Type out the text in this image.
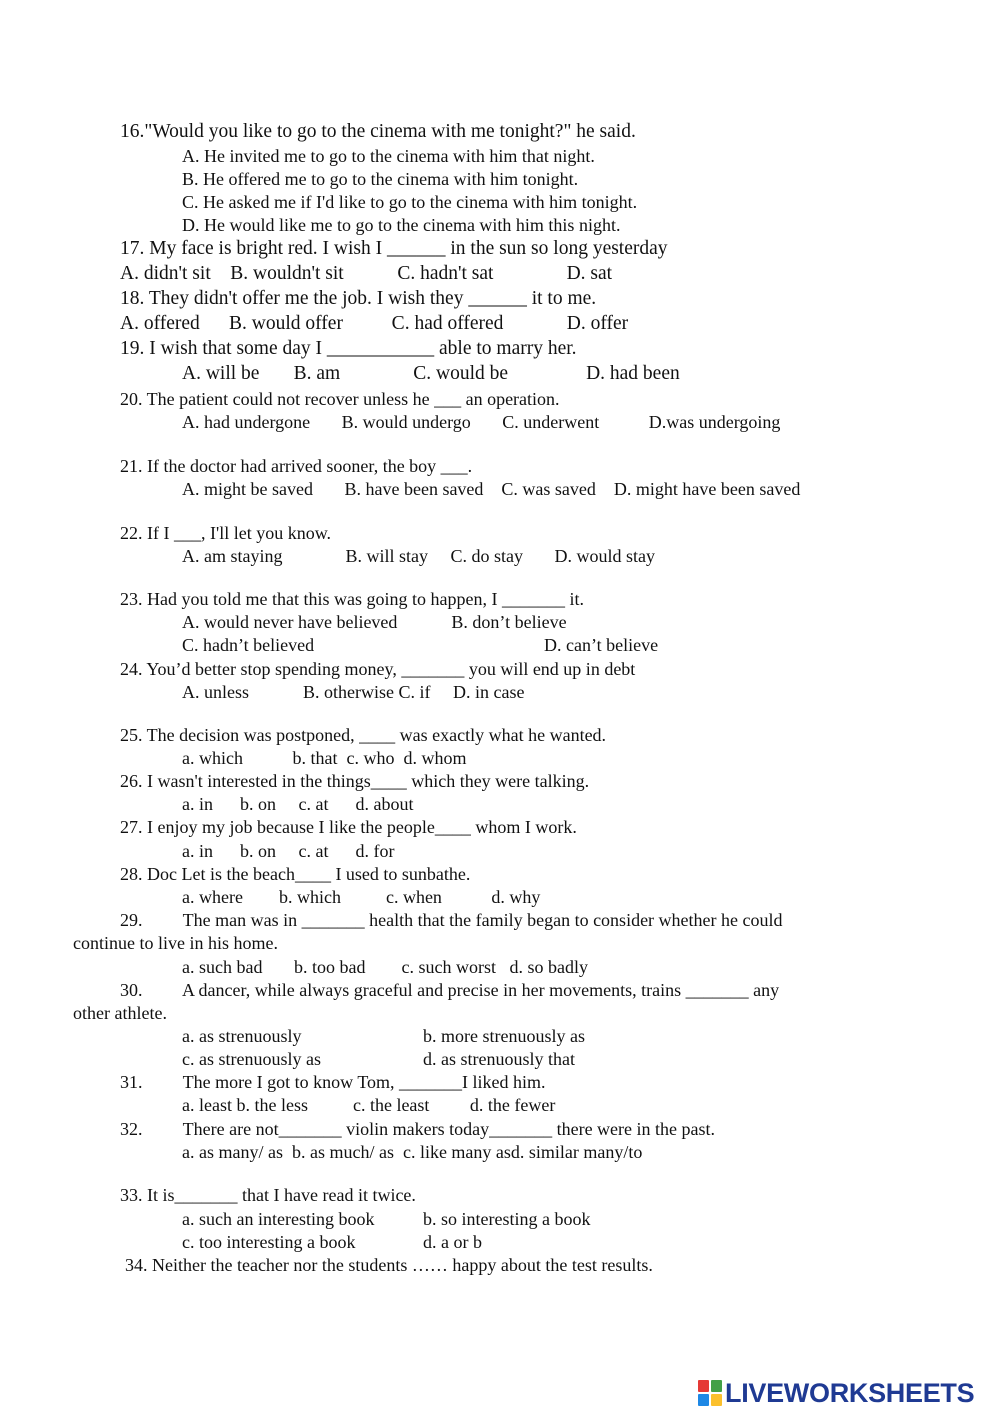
16."Would you like to go to the cinema with me tonight?" he said.
A. He invited me to go to the cinema with him that night.
B. He offered me to go to the cinema with him tonight.
C. He asked me if I'd like to go to the cinema with him tonight.
D. He would like me to go to the cinema with him this night.
17. My face is bright red. I wish I ______ in the sun so long yesterday
A. didn't sit    B. wouldn't sit           C. hadn't sat               D. sat
18. They didn't offer me the job. I wish they ______ it to me.
A. offered      B. would offer          C. had offered             D. offer
19. I wish that some day I ___________ able to marry her.
A. will be       B. am               C. would be                D. had been
20. The patient could not recover unless he ___ an operation.
A. had undergone       B. would undergo       C. underwent           D.was undergoing
21. If the doctor had arrived sooner, the boy ___.
A. might be saved       B. have been saved    C. was saved    D. might have been saved
22. If I ___, I'll let you know.
A. am staying              B. will stay     C. do stay       D. would stay
23. Had you told me that this was going to happen, I _______ it.
A. would never have believed            B. don’t believe
C. hadn’t believed	D. can’t believe
24. You’d better stop spending money, _______ you will end up in debt
A. unless            B. otherwise C. if     D. in case
25. The decision was postponed, ____ was exactly what he wanted.
a. which           b. that  c. who  d. whom
26. I wasn't interested in the things____ which they were talking.
a. in      b. on     c. at      d. about
27. I enjoy my job because I like the people____ whom I work.
a. in      b. on     c. at      d. for
28. Doc Let is the beach____ I used to sunbathe.
a. where        b. which          c. when           d. why
29.         The man was in _______ health that the family began to consider whether he could
continue to live in his home.
a. such bad       b. too bad        c. such worst   d. so badly
30.         A dancer, while always graceful and precise in her movements, trains _______ any
other athlete.
a. as strenuously	b. more strenuously as
c. as strenuously as	d. as strenuously that
31.         The more I got to know Tom, _______I liked him.
a. least b. the less          c. the least         d. the fewer
32.         There are not_______ violin makers today_______ there were in the past.
a. as many/ as  b. as much/ as  c. like many asd. similar many/to
33. It is_______ that I have read it twice.
a. such an interesting book	b. so interesting a book
c. too interesting a book	d. a or b
34. Neither the teacher nor the students …… happy about the test results.
LIVEWORKSHEETS
